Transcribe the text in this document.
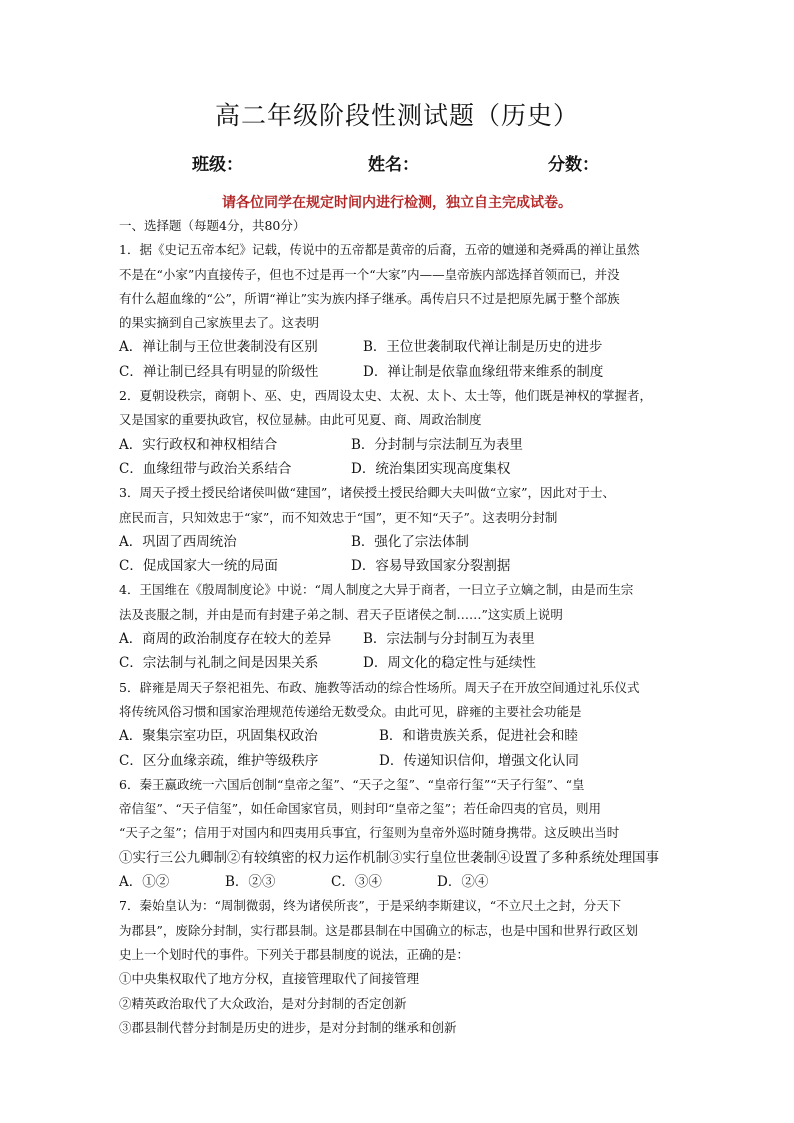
高二年级阶段性测试题（历史）
班级：	姓名：	分数：
请各位同学在规定时间内进行检测，独立自主完成试卷。
一、选择题（每题4分，共80分）
1．据《史记五帝本纪》记载，传说中的五帝都是黄帝的后裔，五帝的嬗递和尧舜禹的禅让虽然
不是在“小家”内直接传子，但也不过是再一个“大家”内——皇帝族内部选择首领而已，并没
有什么超血缘的“公”，所谓“禅让”实为族内择子继承。禹传启只不过是把原先属于整个部族
的果实摘到自己家族里去了。这表明
A．禅让制与王位世袭制没有区别	B．王位世袭制取代禅让制是历史的进步
C．禅让制已经具有明显的阶级性	D．禅让制是依靠血缘纽带来维系的制度
2．夏朝设秩宗，商朝卜、巫、史，西周设太史、太祝、太卜、太士等，他们既是神权的掌握者，
又是国家的重要执政官，权位显赫。由此可见夏、商、周政治制度
A．实行政权和神权相结合	B．分封制与宗法制互为表里
C．血缘纽带与政治关系结合	D．统治集团实现高度集权
3．周天子授土授民给诸侯叫做“建国”，诸侯授土授民给卿大夫叫做“立家”，因此对于士、
庶民而言，只知效忠于“家”，而不知效忠于“国”，更不知“天子”。这表明分封制
A．巩固了西周统治	B．强化了宗法体制
C．促成国家大一统的局面	D．容易导致国家分裂割据
4．王国维在《殷周制度论》中说：“周人制度之大异于商者，一曰立子立嫡之制，由是而生宗
法及丧服之制，并由是而有封建子弟之制、君天子臣诸侯之制……”这实质上说明
A．商周的政治制度存在较大的差异	B．宗法制与分封制互为表里
C．宗法制与礼制之间是因果关系	D．周文化的稳定性与延续性
5．辟雍是周天子祭祀祖先、布政、施教等活动的综合性场所。周天子在开放空间通过礼乐仪式
将传统风俗习惯和国家治理规范传递给无数受众。由此可见，辟雍的主要社会功能是
A．聚集宗室功臣，巩固集权政治	B．和谐贵族关系，促进社会和睦
C．区分血缘亲疏，维护等级秩序	D．传递知识信仰，增强文化认同
6．秦王嬴政统一六国后创制“皇帝之玺”、“天子之玺”、“皇帝行玺”“天子行玺”、“皇
帝信玺”、“天子信玺”，如任命国家官员，则封印“皇帝之玺”；若任命四夷的官员，则用
“天子之玺”；信用于对国内和四夷用兵事宜，行玺则为皇帝外巡时随身携带。这反映出当时
①实行三公九卿制②有较缜密的权力运作机制③实行皇位世袭制④设置了多种系统处理国事
A．①②	B．②③	C．③④	D．②④
7．秦始皇认为：“周制微弱，终为诸侯所丧”，于是采纳李斯建议，“不立尺土之封，分天下
为郡县”，废除分封制，实行郡县制。这是郡县制在中国确立的标志，也是中国和世界行政区划
史上一个划时代的事件。下列关于郡县制度的说法，正确的是：
①中央集权取代了地方分权，直接管理取代了间接管理
②精英政治取代了大众政治，是对分封制的否定创新
③郡县制代替分封制是历史的进步，是对分封制的继承和创新
